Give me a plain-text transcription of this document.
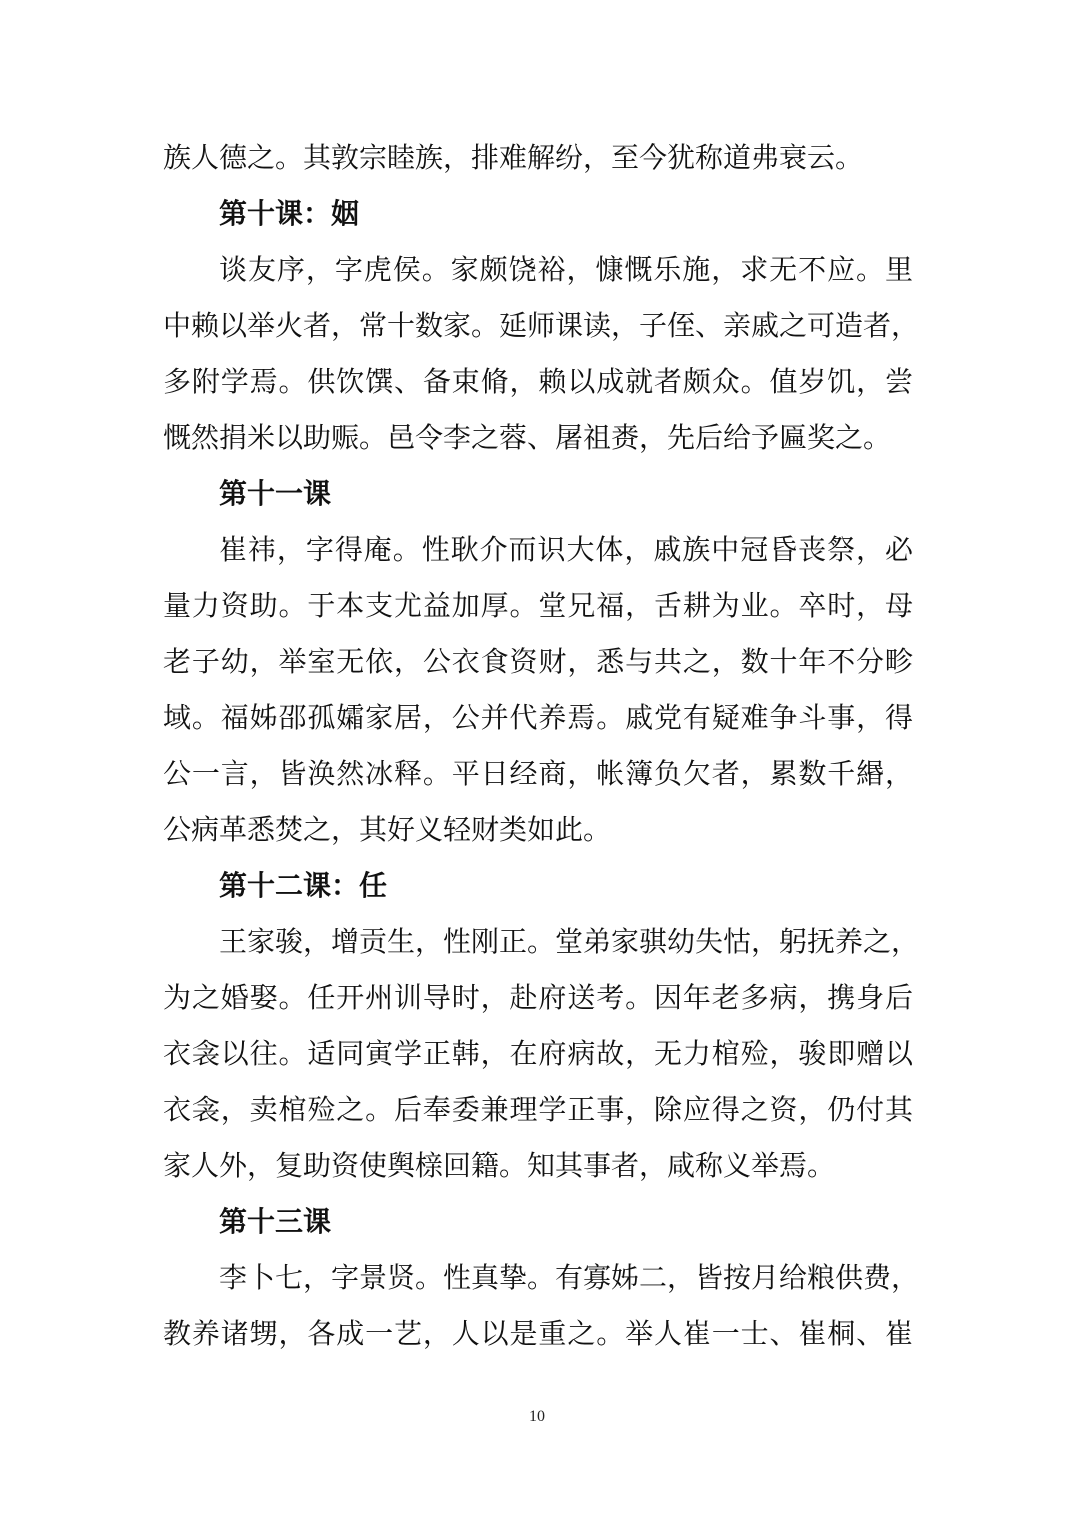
族人德之。其敦宗睦族，排难解纷，至今犹称道弗衰云。
第十课：姻
谈友序，字虎侯。家颇饶裕，慷慨乐施，求无不应。里
中赖以举火者，常十数家。延师课读，子侄、亲戚之可造者，
多附学焉。供饮馔、备束脩，赖以成就者颇众。值岁饥，尝
慨然捐米以助赈。邑令李之蓉、屠祖赉，先后给予匾奖之。
第十一课
崔祎，字得庵。性耿介而识大体，戚族中冠昏丧祭，必
量力资助。于本支尤益加厚。堂兄福，舌耕为业。卒时，母
老子幼，举室无依，公衣食资财，悉与共之，数十年不分畛
域。福姊邵孤孀家居，公并代养焉。戚党有疑难争斗事，得
公一言，皆涣然冰释。平日经商，帐簿负欠者，累数千緡，
公病革悉焚之，其好义轻财类如此。
第十二课：任
王家骏，增贡生，性刚正。堂弟家骐幼失怙，躬抚养之，
为之婚娶。任开州训导时，赴府送考。因年老多病，携身后
衣衾以往。适同寅学正韩，在府病故，无力棺殓，骏即赠以
衣衾，卖棺殓之。后奉委兼理学正事，除应得之资，仍付其
家人外，复助资使舆榇回籍。知其事者，咸称义举焉。
第十三课
李卜七，字景贤。性真挚。有寡姊二，皆按月给粮供费，
教养诸甥，各成一艺，人以是重之。举人崔一士、崔桐、崔
10
